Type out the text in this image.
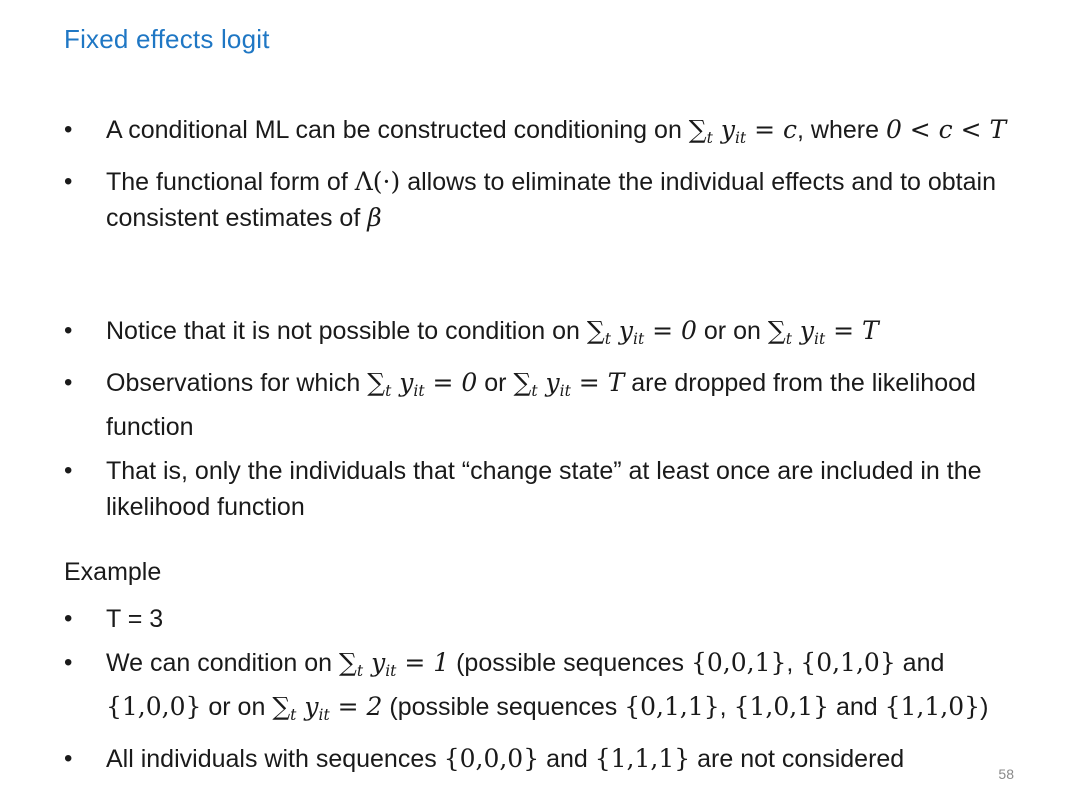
Fixed effects logit
• A conditional ML can be constructed conditioning on $\sum_t$ $y_{it} = c$, where 0 < c < T
• The functional form of Λ(·) allows to eliminate the individual effects and to obtain consistent estimates of β
• Notice that it is not possible to condition on $\sum_t$ $y_{it} = 0$ or on $\sum_t$ $y_{it} = T$
• Observations for which $\sum_t$ $y_{it} = 0$ or $\sum_t$ $y_{it} = T$ are dropped from the likelihood function
• That is, only the individuals that “change state” at least once are included in the likelihood function
Example
• T = 3
• We can condition on $\sum_t$ $y_{it} = 1$ (possible sequences {0,0,1}, {0,1,0} and {1,0,0} or on $\sum_t$ $y_{it} = 2$ (possible sequences {0,1,1}, {1,0,1} and {1,1,0})
• All individuals with sequences {0,0,0} and {1,1,1} are not considered
58
